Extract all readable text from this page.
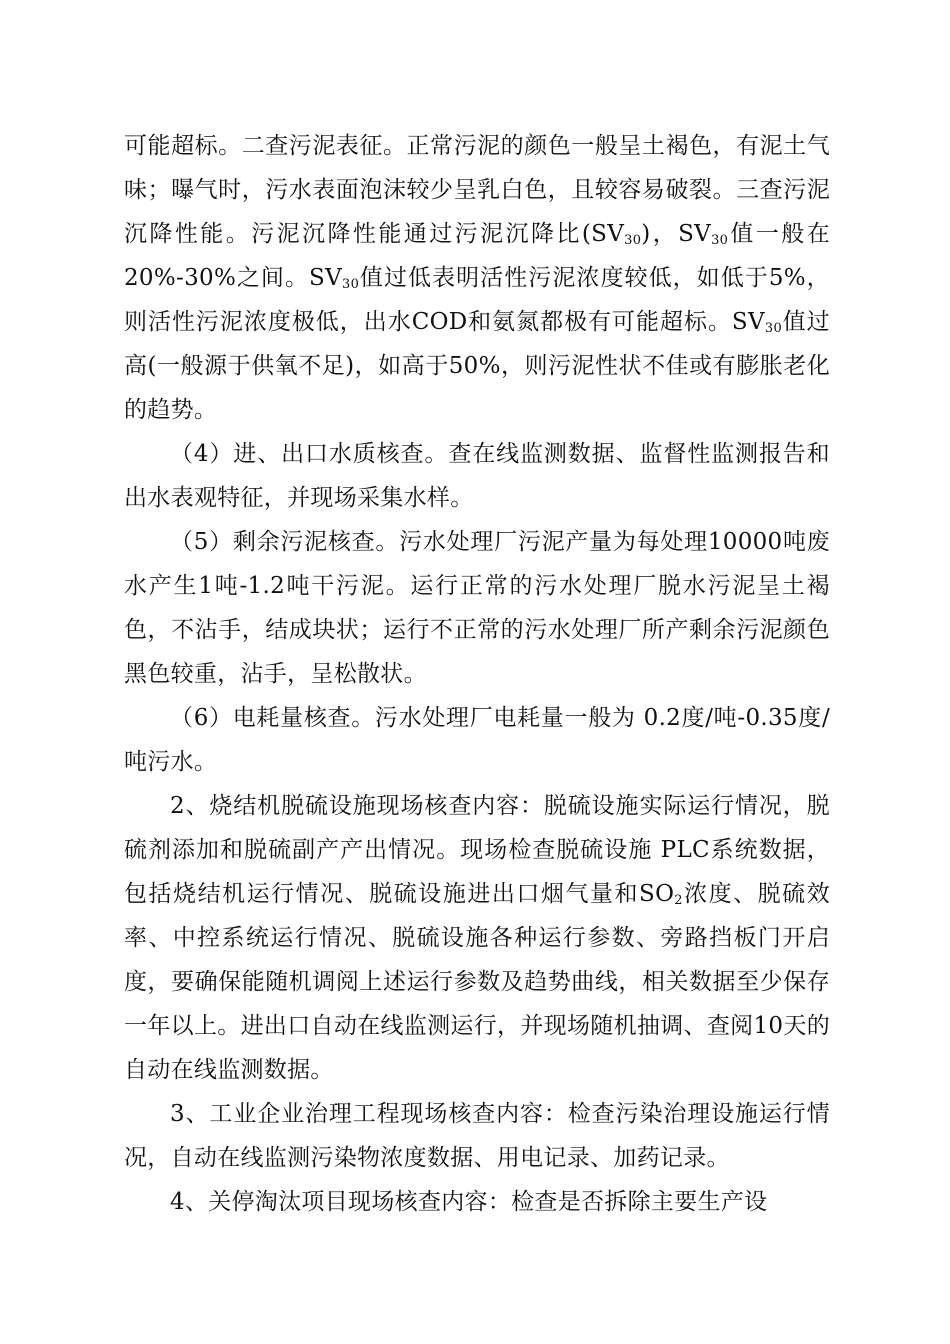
可能超标。二查污泥表征。正常污泥的颜色一般呈土褐色，有泥土气味；曝气时，污水表面泡沫较少呈乳白色，且较容易破裂。三查污泥沉降性能。污泥沉降性能通过污泥沉降比$(SV_{30})$，$SV_{30}$值一般在20%-30%之间。$SV_{30}$值过低表明活性污泥浓度较低，如低于5%，则活性污泥浓度极低，出水COD和氨氮都极有可能超标。$SV_{30}$值过高(一般源于供氧不足)，如高于50%，则污泥性状不佳或有膨胀老化的趋势。

（4）进、出口水质核查。查在线监测数据、监督性监测报告和出水表观特征，并现场采集水样。

（5）剩余污泥核查。污水处理厂污泥产量为每处理10000吨废水产生1吨-1.2吨干污泥。运行正常的污水处理厂脱水污泥呈土褐色，不沾手，结成块状；运行不正常的污水处理厂所产剩余污泥颜色黑色较重，沾手，呈松散状。

（6）电耗量核查。污水处理厂电耗量一般为 0.2度/吨-0.35度/吨污水。

2、烧结机脱硫设施现场核查内容：脱硫设施实际运行情况，脱硫剂添加和脱硫副产产出情况。现场检查脱硫设施 PLC系统数据，包括烧结机运行情况、脱硫设施进出口烟气量和$SO_2$浓度、脱硫效率、中控系统运行情况、脱硫设施各种运行参数、旁路挡板门开启度，要确保能随机调阅上述运行参数及趋势曲线，相关数据至少保存一年以上。进出口自动在线监测运行，并现场随机抽调、查阅10天的自动在线监测数据。

3、工业企业治理工程现场核查内容：检查污染治理设施运行情况，自动在线监测污染物浓度数据、用电记录、加药记录。

4、关停淘汰项目现场核查内容：检查是否拆除主要生产设
